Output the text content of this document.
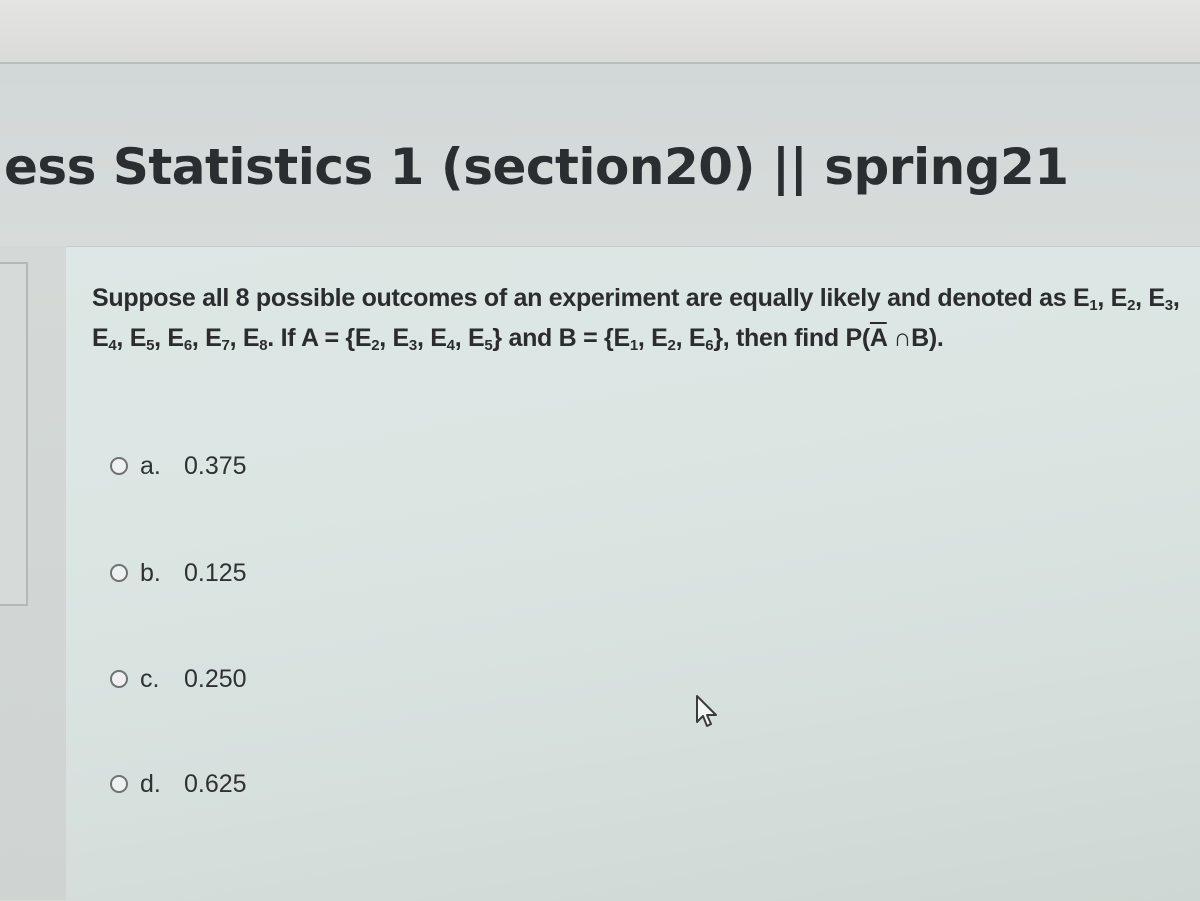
ess Statistics 1 (section20) || spring21

Suppose all 8 possible outcomes of an experiment are equally likely and denoted as $E_1$, $E_2$, $E_3$,
$E_4$, $E_5$, $E_6$, $E_7$, $E_8$. If $A = \{E_2$, $E_3$, $E_4$, $E_5$} and $B = \{E_1$, $E_2$, $E_6$}, then find $P(\overline{A}$ ∩B).

a. 0.375
b. 0.125
c. 0.250
d. 0.625
